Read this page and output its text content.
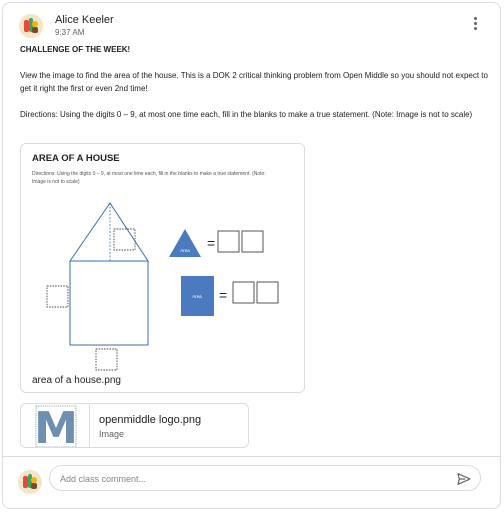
Alice Keeler
9:37 AM

CHALLENGE OF THE WEEK!

View the image to find the area of the house. This is a DOK 2 critical thinking problem from Open Middle so you should not expect to get it right the first or even 2nd time!

Directions: Using the digits 0 – 9, at most one time each, fill in the blanks to make a true statement. (Note: Image is not to scale)

AREA OF A HOUSE
Directions: Using the digits 0 – 9, at most one time each, fill in the blanks to make a true statement. (Note:
Image is not to scale)
Area =
Area =
area of a house.png
M openmiddle logo.png
Image
Add class comment...
